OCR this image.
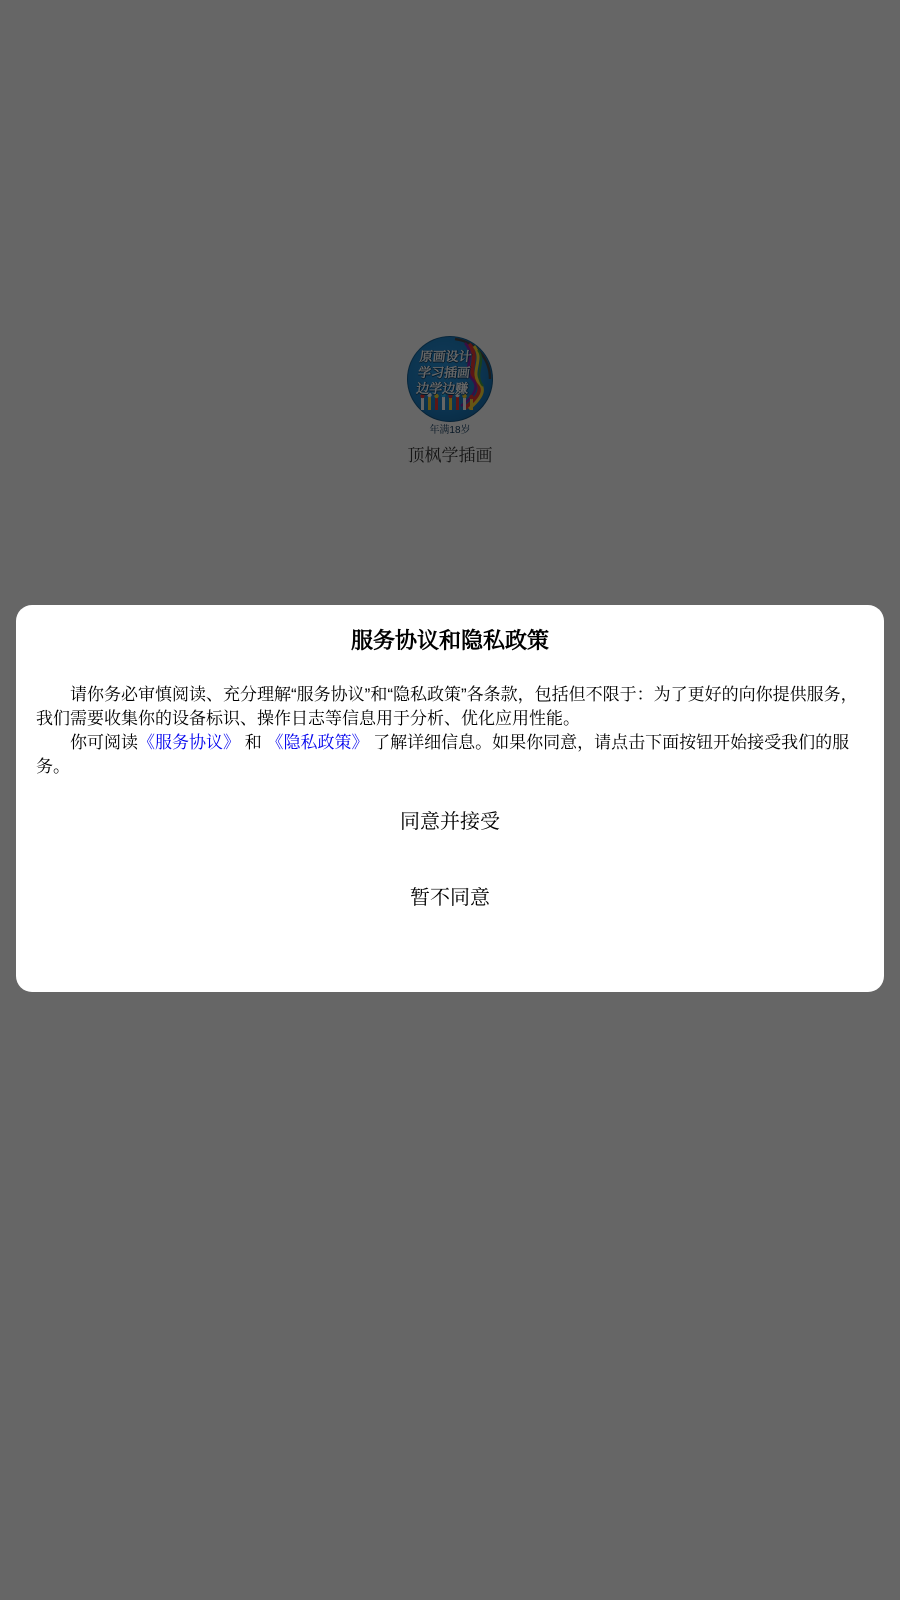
服务协议和隐私政策

请你务必审慎阅读、充分理解“服务协议”和“隐私政策”各条款，包括但不限于：为了更好的向你提供服务，我们需要收集你的设备标识、操作日志等信息用于分析、优化应用性能。

你可阅读《服务协议》 和 《隐私政策》 了解详细信息。如果你同意，请点击下面按钮开始接受我们的服务。

同意并接受
暂不同意
